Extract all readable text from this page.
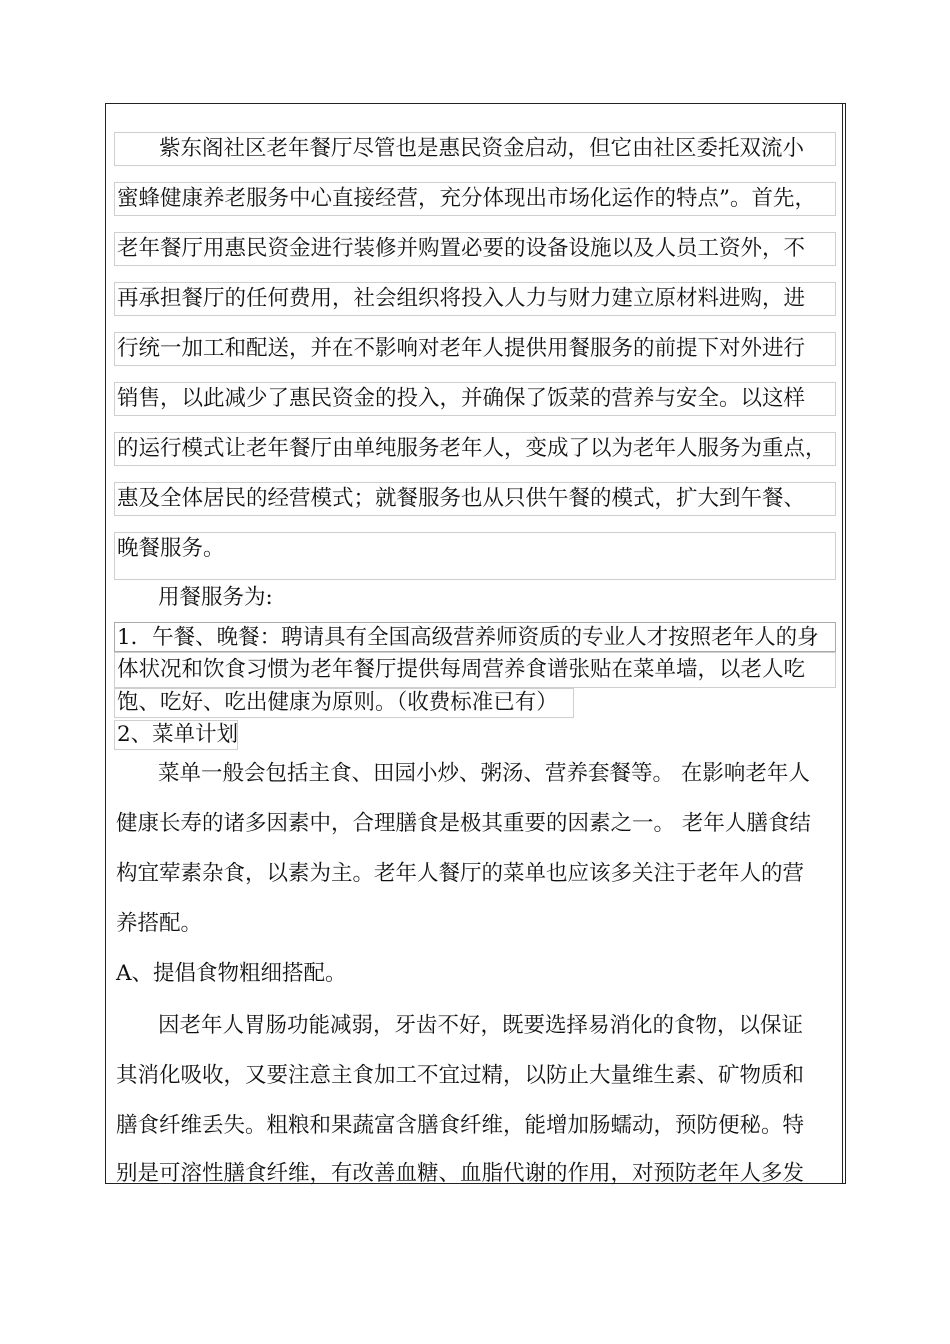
紫东阁社区老年餐厅尽管也是惠民资金启动，但它由社区委托双流小
蜜蜂健康养老服务中心直接经营，充分体现出市场化运作的特点”。首先，
老年餐厅用惠民资金进行装修并购置必要的设备设施以及人员工资外，不
再承担餐厅的任何费用，社会组织将投入人力与财力建立原材料进购，进
行统一加工和配送，并在不影响对老年人提供用餐服务的前提下对外进行
销售，以此减少了惠民资金的投入，并确保了饭菜的营养与安全。以这样
的运行模式让老年餐厅由单纯服务老年人，变成了以为老年人服务为重点，
惠及全体居民的经营模式；就餐服务也从只供午餐的模式，扩大到午餐、
晚餐服务。
用餐服务为:
1．午餐、晚餐：聘请具有全国高级营养师资质的专业人才按照老年人的身
体状况和饮食习惯为老年餐厅提供每周营养食谱张贴在菜单墙，以老人吃
饱、吃好、吃出健康为原则。（收费标准已有）
2、菜单计划
菜单一般会包括主食、田园小炒、粥汤、营养套餐等。 在影响老年人
健康长寿的诸多因素中，合理膳食是极其重要的因素之一。 老年人膳食结
构宜荤素杂食，以素为主。老年人餐厅的菜单也应该多关注于老年人的营
养搭配。
A、提倡食物粗细搭配。
因老年人胃肠功能减弱，牙齿不好，既要选择易消化的食物，以保证
其消化吸收，又要注意主食加工不宜过精，以防止大量维生素、矿物质和
膳食纤维丢失。粗粮和果蔬富含膳食纤维，能增加肠蠕动，预防便秘。特
别是可溶性膳食纤维，有改善血糖、血脂代谢的作用，对预防老年人多发
